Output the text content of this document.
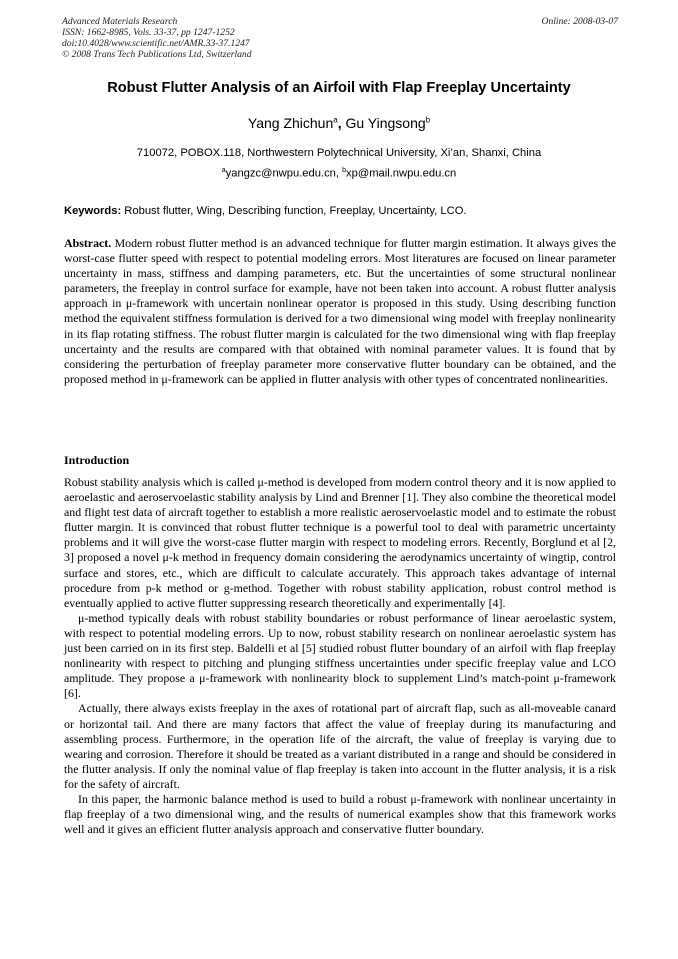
Advanced Materials Research
ISSN: 1662-8985, Vols. 33-37, pp 1247-1252
doi:10.4028/www.scientific.net/AMR.33-37.1247
© 2008 Trans Tech Publications Ltd, Switzerland
Online: 2008-03-07
Robust Flutter Analysis of an Airfoil with Flap Freeplay Uncertainty
Yang Zhichun$^a$, Gu Yingsong$^b$
710072, POBOX.118, Northwestern Polytechnical University, Xi’an, Shanxi, China
$^a$yangzc@nwpu.edu.cn, $^b$xp@mail.nwpu.edu.cn
Keywords: Robust flutter, Wing, Describing function, Freeplay, Uncertainty, LCO.
Abstract. Modern robust flutter method is an advanced technique for flutter margin estimation. It always gives the worst-case flutter speed with respect to potential modeling errors. Most literatures are focused on linear parameter uncertainty in mass, stiffness and damping parameters, etc. But the uncertainties of some structural nonlinear parameters, the freeplay in control surface for example, have not been taken into account. A robust flutter analysis approach in μ-framework with uncertain nonlinear operator is proposed in this study. Using describing function method the equivalent stiffness formulation is derived for a two dimensional wing model with freeplay nonlinearity in its flap rotating stiffness. The robust flutter margin is calculated for the two dimensional wing with flap freeplay uncertainty and the results are compared with that obtained with nominal parameter values. It is found that by considering the perturbation of freeplay parameter more conservative flutter boundary can be obtained, and the proposed method in μ-framework can be applied in flutter analysis with other types of concentrated nonlinearities.
Introduction

Robust stability analysis which is called μ-method is developed from modern control theory and it is now applied to aeroelastic and aeroservoelastic stability analysis by Lind and Brenner [1]. They also combine the theoretical model and flight test data of aircraft together to establish a more realistic aeroservoelastic model and to estimate the robust flutter margin. It is convinced that robust flutter technique is a powerful tool to deal with parametric uncertainty problems and it will give the worst-case flutter margin with respect to modeling errors. Recently, Borglund et al [2, 3] proposed a novel μ-k method in frequency domain considering the aerodynamics uncertainty of wingtip, control surface and stores, etc., which are difficult to calculate accurately. This approach takes advantage of internal procedure from p-k method or g-method. Together with robust stability application, robust control method is eventually applied to active flutter suppressing research theoretically and experimentally [4].

μ-method typically deals with robust stability boundaries or robust performance of linear aeroelastic system, with respect to potential modeling errors. Up to now, robust stability research on nonlinear aeroelastic system has just been carried on in its first step. Baldelli et al [5] studied robust flutter boundary of an airfoil with flap freeplay nonlinearity with respect to pitching and plunging stiffness uncertainties under specific freeplay value and LCO amplitude. They propose a μ-framework with nonlinearity block to supplement Lind’s match-point μ-framework [6].

Actually, there always exists freeplay in the axes of rotational part of aircraft flap, such as all-moveable canard or horizontal tail. And there are many factors that affect the value of freeplay during its manufacturing and assembling process. Furthermore, in the operation life of the aircraft, the value of freeplay is varying due to wearing and corrosion. Therefore it should be treated as a variant distributed in a range and should be considered in the flutter analysis. If only the nominal value of flap freeplay is taken into account in the flutter analysis, it is a risk for the safety of aircraft.

In this paper, the harmonic balance method is used to build a robust μ-framework with nonlinear uncertainty in flap freeplay of a two dimensional wing, and the results of numerical examples show that this framework works well and it gives an efficient flutter analysis approach and conservative flutter boundary.
